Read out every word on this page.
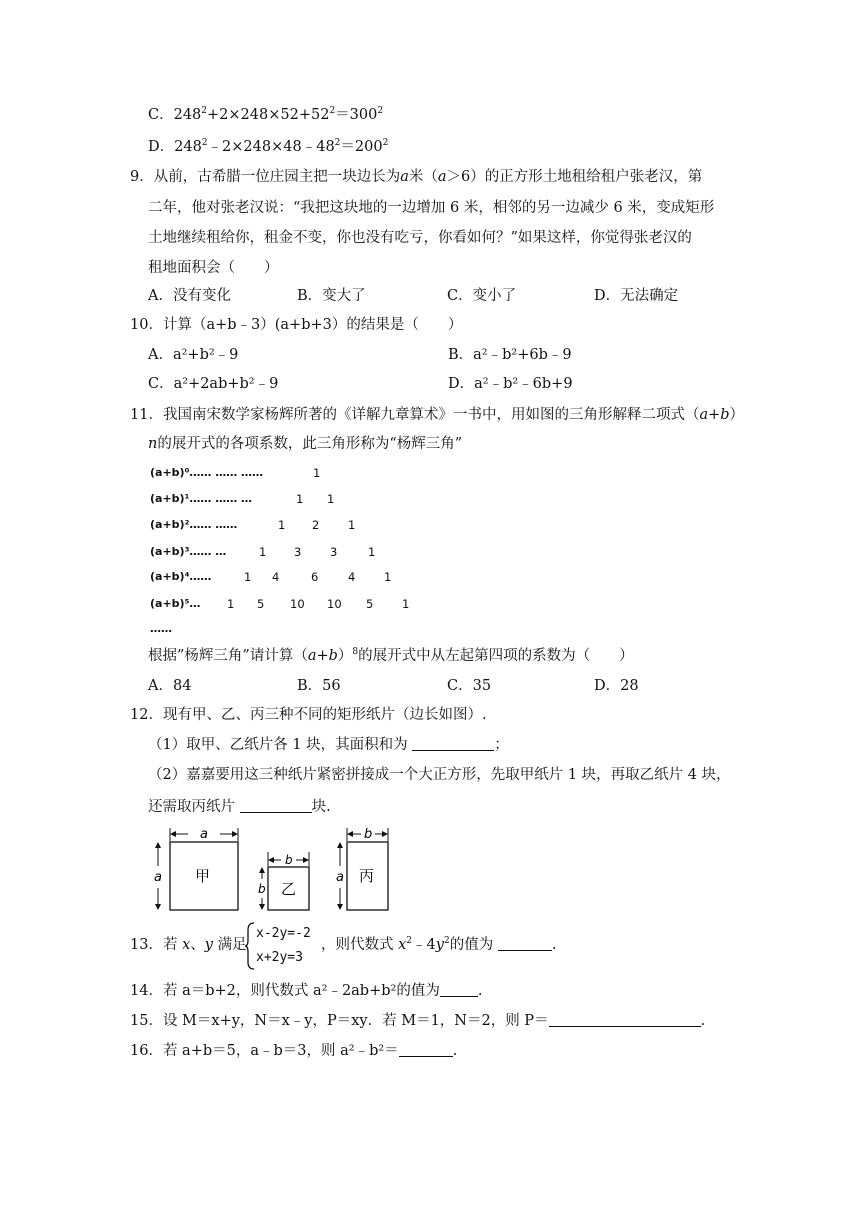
C．$248^2+2\times 248\times 52+52^2=300^2$
D．$248^2﹣2\times 248\times 48﹣48^2=200^2$
9．从前，古希腊一位庄园主把一块边长为a米（a＞6）的正方形土地租给租户张老汉，第
二年，他对张老汉说：“我把这块地的一边增加 6 米，相邻的另一边减少 6 米，变成矩形
土地继续租给你，租金不变，你也没有吃亏，你看如何？”如果这样，你觉得张老汉的
租地面积会（　　）
A．没有变化	B．变大了	C．变小了	D．无法确定
10．计算（a+b﹣3）(a+b+3）的结果是（　　）
A．a²+b²﹣9	B．a²﹣b²+6b﹣9
C．a²+2ab+b²﹣9	D．a²﹣b²﹣6b+9
11．我国南宋数学家杨辉所著的《详解九章算术》一书中，用如图的三角形解释二项式（a+b）
n的展开式的各项系数，此三角形称为“杨辉三角”
(a+b)⁰…… …… ……	1
(a+b)¹…… …… …	1 1
(a+b)²…… ……	1 2 1
(a+b)³…… …	1 3 3	1
(a+b)⁴……	1 4	6	4 1
(a+b)⁵… 1 5 10 10 5 1
……
根据”杨辉三角”请计算$(a+b)^8$的展开式中从左起第四项的系数为（　　）
A．84	B．56	C．35	D．28
12．现有甲、乙、丙三种不同的矩形纸片（边长如图）.
（1）取甲、乙纸片各 1 块，其面积和为	；
（2）嘉嘉要用这三种纸片紧密拼接成一个大正方形，先取甲纸片 1 块，再取乙纸片 4 块，
还需取丙纸片	块.
a
a 甲
b
b 乙
b
a 丙
13．若 x、y 满足
x-2y=-2
x+2y=3
，则代数式 $x^2﹣4y^2$的值为	.
14．若 a＝b+2，则代数式 a²﹣2ab+b²的值为	.
15．设 M＝x+y，N＝x﹣y，P＝xy．若 M＝1，N＝2，则 P＝	.
16．若 a+b＝5，a﹣b＝3，则 a²﹣b²＝	.
